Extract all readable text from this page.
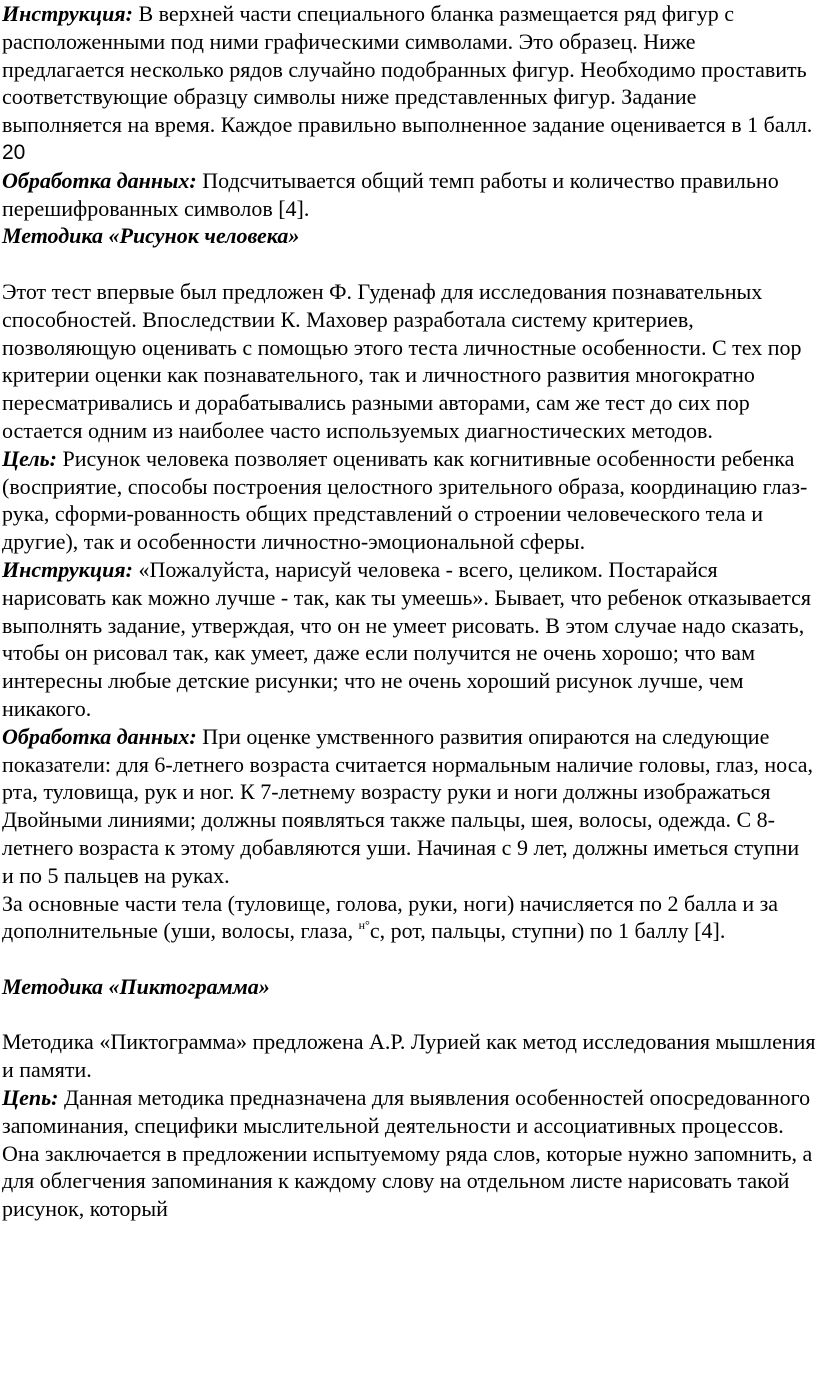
Инструкция: В верхней части специального бланка размещается ряд фигур с расположенными под ними графическими символами. Это образец. Ниже предлагается несколько рядов случайно подобранных фигур. Необходимо проставить соответствующие образцу символы ниже представленных фигур. Задание выполняется на время. Каждое правильно выполненное задание оценивается в 1 балл.

20

Обработка данных: Подсчитывается общий темп работы и количество правильно перешифрованных символов [4].

Методика «Рисунок человека»

Этот тест впервые был предложен Ф. Гуденаф для исследования познавательных способностей. Впоследствии К. Маховер разработала систему критериев, позволяющую оценивать с помощью этого теста личностные особенности. С тех пор критерии оценки как познавательного, так и личностного развития многократно пересматривались и дорабатывались разными авторами, сам же тест до сих пор остается одним из наиболее часто используемых диагностических методов.

Цель: Рисунок человека позволяет оценивать как когнитивные особенности ребенка (восприятие, способы построения целостного зрительного образа, координацию глаз-рука, сформи-рованность общих представлений о строении человеческого тела и другие), так и особенности личностно-эмоциональной сферы.

Инструкция: «Пожалуйста, нарисуй человека - всего, целиком. Постарайся нарисовать как можно лучше - так, как ты умеешь». Бывает, что ребенок отказывается выполнять задание, утверждая, что он не умеет рисовать. В этом случае надо сказать, чтобы он рисовал так, как умеет, даже если получится не очень хорошо; что вам интересны любые детские рисунки; что не очень хороший рисунок лучше, чем никакого.

Обработка данных: При оценке умственного развития опираются на следующие показатели: для 6-летнего возраста считается нормальным наличие головы, глаз, носа, рта, туловища, рук и ног. К 7-летнему возрасту руки и ноги должны изображаться Двойными линиями; должны появляться также пальцы, шея, волосы, одежда. С 8-летнего возраста к этому добавляются уши. Начиная с 9 лет, должны иметься ступни и по 5 пальцев на руках.

За основные части тела (туловище, голова, руки, ноги) начисляется по 2 балла и за дополнительные (уши, волосы, глаза, $^{н^\circ}$с, рот, пальцы, ступни) по 1 баллу [4].

Методика «Пиктограмма»

Методика «Пиктограмма» предложена А.Р. Лурией как метод исследования мышления и памяти.

Цепь: Данная методика предназначена для выявления особенностей опосредованного запоминания, специфики мыслительной деятельности и ассоциативных процессов. Она заключается в предложении испытуемому ряда слов, которые нужно запомнить, а для облегчения запоминания к каждому слову на отдельном листе нарисовать такой рисунок, который
